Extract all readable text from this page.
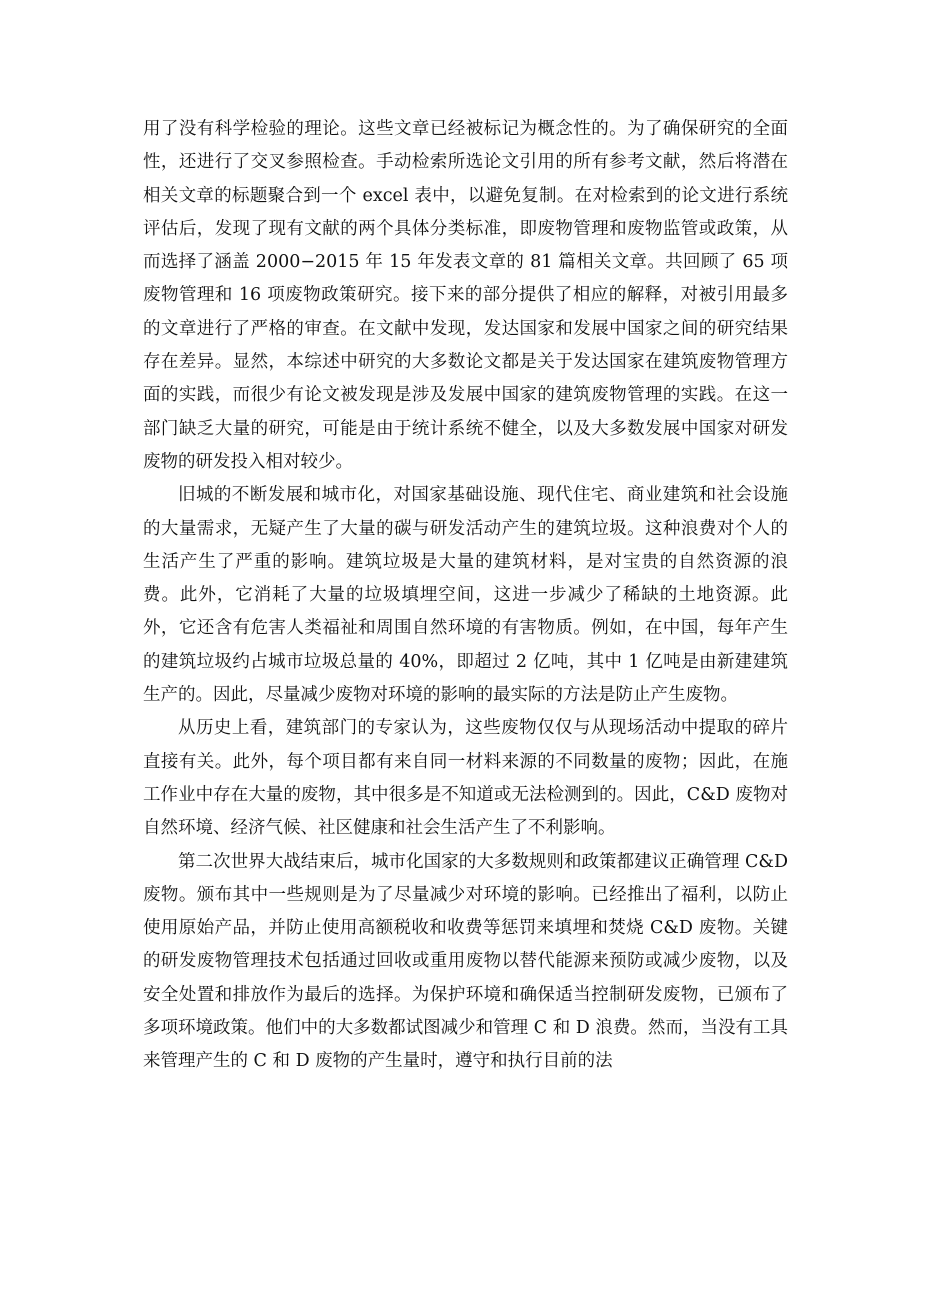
用了没有科学检验的理论。这些文章已经被标记为概念性的。为了确保研究的全面性，还进行了交叉参照检查。手动检索所选论文引用的所有参考文献，然后将潜在相关文章的标题聚合到一个 excel 表中，以避免复制。在对检索到的论文进行系统评估后，发现了现有文献的两个具体分类标准，即废物管理和废物监管或政策，从而选择了涵盖 2000−2015 年 15 年发表文章的 81 篇相关文章。共回顾了 65 项废物管理和 16 项废物政策研究。接下来的部分提供了相应的解释，对被引用最多的文章进行了严格的审查。在文献中发现，发达国家和发展中国家之间的研究结果存在差异。显然，本综述中研究的大多数论文都是关于发达国家在建筑废物管理方面的实践，而很少有论文被发现是涉及发展中国家的建筑废物管理的实践。在这一部门缺乏大量的研究，可能是由于统计系统不健全，以及大多数发展中国家对研发废物的研发投入相对较少。

旧城的不断发展和城市化，对国家基础设施、现代住宅、商业建筑和社会设施的大量需求，无疑产生了大量的碳与研发活动产生的建筑垃圾。这种浪费对个人的生活产生了严重的影响。建筑垃圾是大量的建筑材料，是对宝贵的自然资源的浪费。此外，它消耗了大量的垃圾填埋空间，这进一步减少了稀缺的土地资源。此外，它还含有危害人类福祉和周围自然环境的有害物质。例如，在中国，每年产生的建筑垃圾约占城市垃圾总量的 40%，即超过 2 亿吨，其中 1 亿吨是由新建建筑生产的。因此，尽量减少废物对环境的影响的最实际的方法是防止产生废物。

从历史上看，建筑部门的专家认为，这些废物仅仅与从现场活动中提取的碎片直接有关。此外，每个项目都有来自同一材料来源的不同数量的废物；因此，在施工作业中存在大量的废物，其中很多是不知道或无法检测到的。因此，C&D 废物对自然环境、经济气候、社区健康和社会生活产生了不利影响。

第二次世界大战结束后，城市化国家的大多数规则和政策都建议正确管理 C&D 废物。颁布其中一些规则是为了尽量减少对环境的影响。已经推出了福利，以防止使用原始产品，并防止使用高额税收和收费等惩罚来填埋和焚烧 C&D 废物。关键的研发废物管理技术包括通过回收或重用废物以替代能源来预防或减少废物，以及安全处置和排放作为最后的选择。为保护环境和确保适当控制研发废物，已颁布了多项环境政策。他们中的大多数都试图减少和管理 C 和 D 浪费。然而，当没有工具来管理产生的 C 和 D 废物的产生量时，遵守和执行目前的法
